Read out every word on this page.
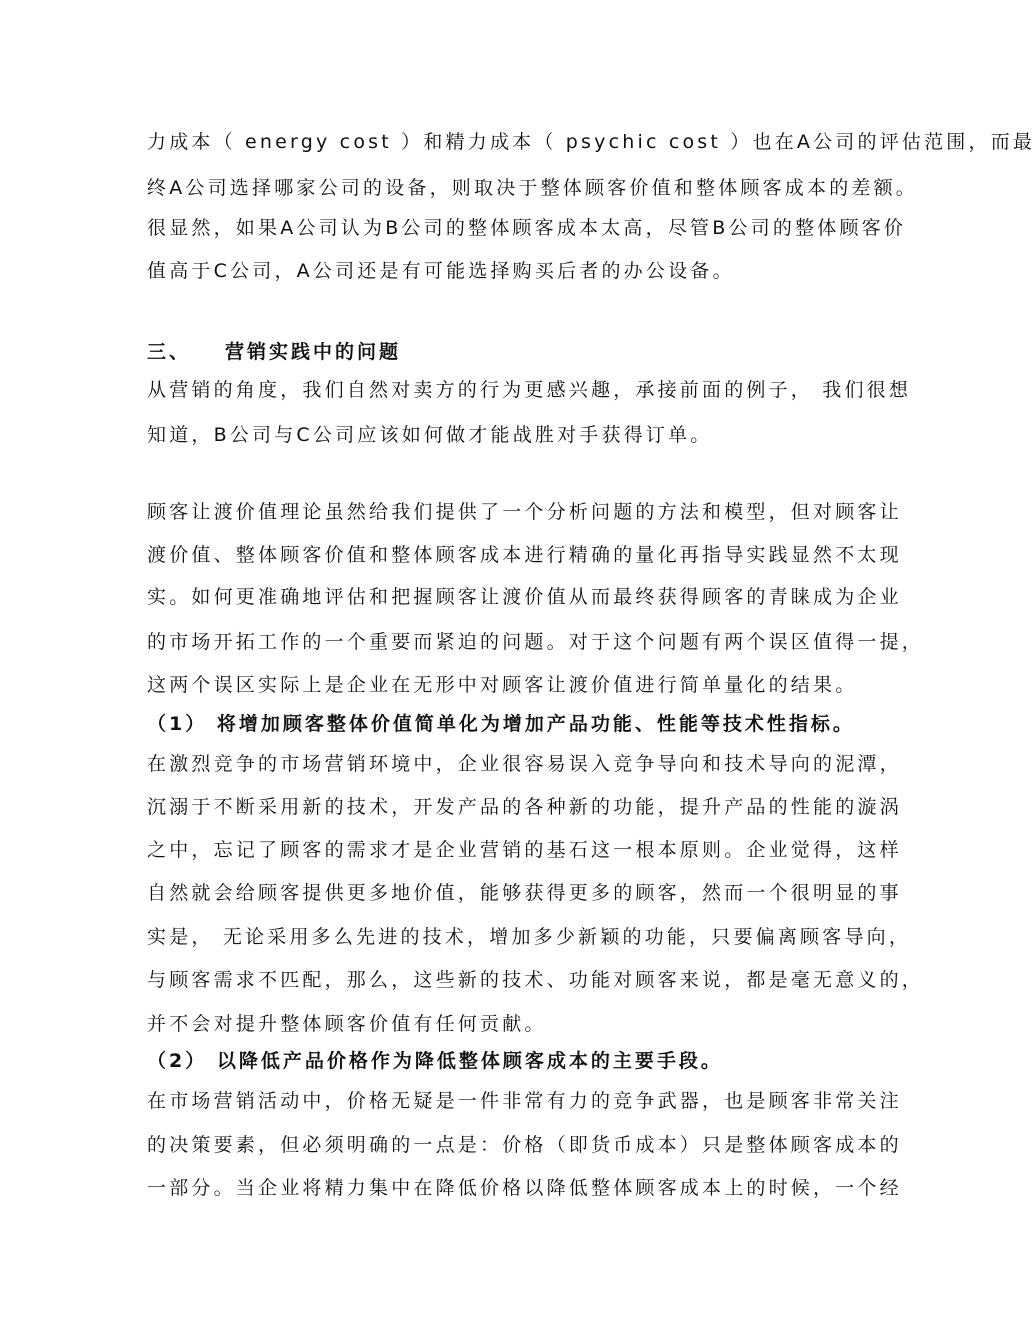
力成本（ energy cost ）和精力成本（ psychic cost ）也在A公司的评估范围，而最
终A公司选择哪家公司的设备，则取决于整体顾客价值和整体顾客成本的差额。
很显然，如果A公司认为B公司的整体顾客成本太高，尽管B公司的整体顾客价
值高于C公司，A公司还是有可能选择购买后者的办公设备。
三、 营销实践中的问题
从营销的角度，我们自然对卖方的行为更感兴趣，承接前面的例子， 我们很想
知道，B公司与C公司应该如何做才能战胜对手获得订单。
顾客让渡价值理论虽然给我们提供了一个分析问题的方法和模型，但对顾客让
渡价值、整体顾客价值和整体顾客成本进行精确的量化再指导实践显然不太现
实。如何更准确地评估和把握顾客让渡价值从而最终获得顾客的青睐成为企业
的市场开拓工作的一个重要而紧迫的问题。对于这个问题有两个误区值得一提，
这两个误区实际上是企业在无形中对顾客让渡价值进行简单量化的结果。
（1） 将增加顾客整体价值简单化为增加产品功能、性能等技术性指标。
在激烈竞争的市场营销环境中，企业很容易误入竞争导向和技术导向的泥潭，
沉溺于不断采用新的技术，开发产品的各种新的功能，提升产品的性能的漩涡
之中，忘记了顾客的需求才是企业营销的基石这一根本原则。企业觉得，这样
自然就会给顾客提供更多地价值，能够获得更多的顾客，然而一个很明显的事
实是， 无论采用多么先进的技术，增加多少新颖的功能，只要偏离顾客导向，
与顾客需求不匹配，那么，这些新的技术、功能对顾客来说，都是毫无意义的，
并不会对提升整体顾客价值有任何贡献。
（2） 以降低产品价格作为降低整体顾客成本的主要手段。
在市场营销活动中，价格无疑是一件非常有力的竞争武器，也是顾客非常关注
的决策要素，但必须明确的一点是：价格（即货币成本）只是整体顾客成本的
一部分。当企业将精力集中在降低价格以降低整体顾客成本上的时候，一个经
